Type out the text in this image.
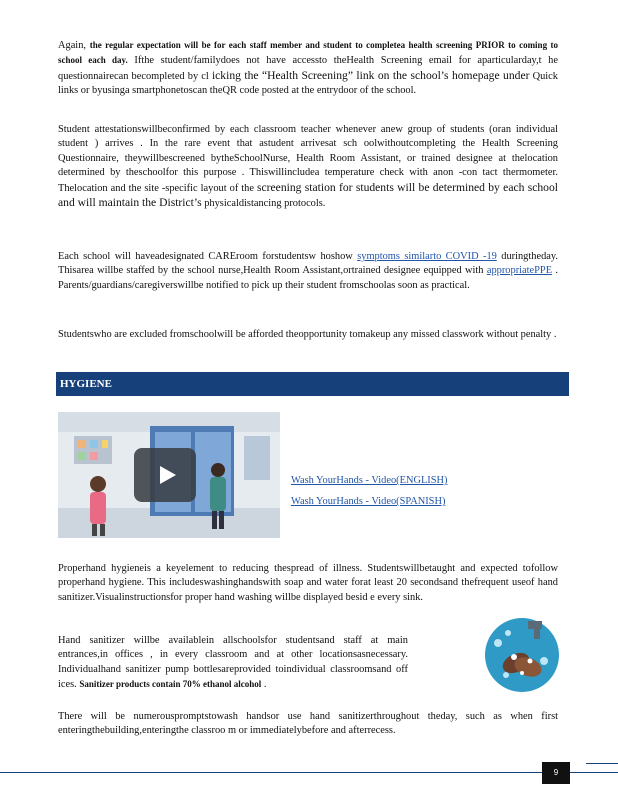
Again, the regular expectation will be for each staff member and student to completea health screening PRIOR to coming to school each day. Ifthe student/familydoes not have accessto theHealth Screening email for aparticularday,t he questionnairecan becompleted by cl icking the “Health Screening” link on the school’s homepage under Quick links or byusinga smartphonetoscan theQR code posted at the entrydoor of the school.

Student attestationswillbeconfirmed by each classroom teacher whenever anew group of students (oran individual student ) arrives . In the rare event that astudent arrivesat sch oolwithoutcompleting the Health Screening Questionnaire, theywillbescreened bytheSchoolNurse, Health Room Assistant, or trained designee at thelocation determined by theschoolfor this purpose . Thiswillincludea temperature check with anon -con tact thermometer. Thelocation and the site -specific layout of the screening station for students will be determined by each school and will maintain the District’s physicaldistancing protocols.

Each school will haveadesignated CAREroom forstudentsw hoshow symptoms similarto COVID -19 duringtheday. Thisarea willbe staffed by the school nurse,Health Room Assistant,ortrained designee equipped with appropriatePPE . Parents/guardians/caregiverswillbe notified to pick up their student fromschoolas soon as practical.

Studentswho are excluded fromschoolwill be afforded theopportunity tomakeup any missed classwork without penalty .

HYGIENE
Wash YourHands - Video(ENGLISH)
Wash YourHands - Video(SPANISH)

Properhand hygieneis a keyelement to reducing thespread of illness. Studentswillbetaught and expected tofollow properhand hygiene. This includeswashinghandswith soap and water forat least 20 secondsand thefrequent useof hand sanitizer.Visualinstructionsfor proper hand washing willbe displayed besid e every sink.

Hand sanitizer willbe availablein allschoolsfor studentsand staff at main entrances,in offices , in every classroom and at other locationsasnecessary. Individualhand sanitizer pump bottlesareprovided toindividual classroomsand off ices. Sanitizer products contain 70% ethanol alcohol .

There will be numerouspromptstowash handsor use hand sanitizerthroughout theday, such as when first enteringthebuilding,enteringthe classroo m or immediatelybefore and afterrecess.

9
